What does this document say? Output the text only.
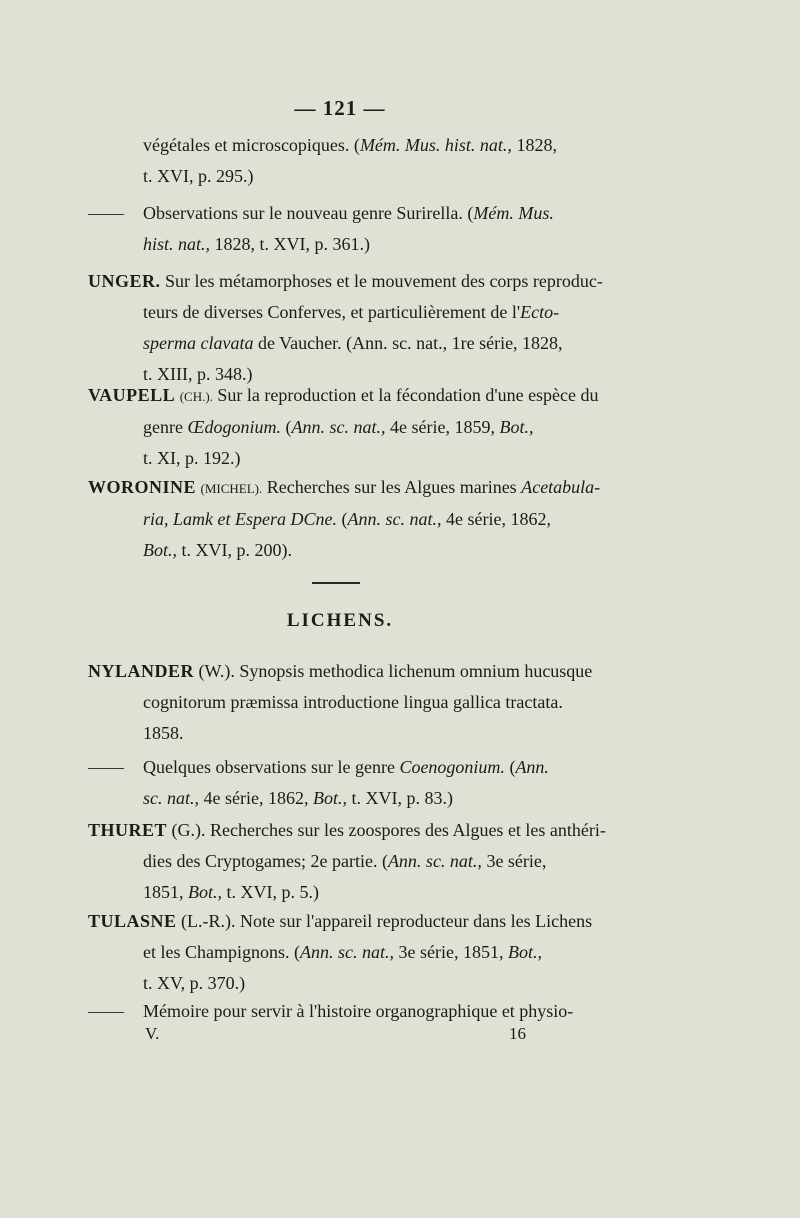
— 121 —
végétales et microscopiques. (Mém. Mus. hist. nat., 1828,
t. XVI, p. 295.)
—— Observations sur le nouveau genre Surirella. (Mém. Mus.
hist. nat., 1828, t. XVI, p. 361.)
UNGER. Sur les métamorphoses et le mouvement des corps reproduc-
teurs de diverses Conferves, et particulièrement de l'Ecto-
sperma clavata de Vaucher. (Ann. sc. nat., 1re série, 1828,
t. XIII, p. 348.)
VAUPELL (CH.). Sur la reproduction et la fécondation d'une espèce du
genre Œdogonium. (Ann. sc. nat., 4e série, 1859, Bot.,
t. XI, p. 192.)
WORONINE (MICHEL). Recherches sur les Algues marines Acetabula-
ria, Lamk et Espera DCne. (Ann. sc. nat., 4e série, 1862,
Bot., t. XVI, p. 200).
LICHENS.
NYLANDER (W.). Synopsis methodica lichenum omnium hucusque
cognitorum præmissa introductione lingua gallica tractata.
1858.
—— Quelques observations sur le genre Coenogonium. (Ann.
sc. nat., 4e série, 1862, Bot., t. XVI, p. 83.)
THURET (G.). Recherches sur les zoospores des Algues et les anthéri-
dies des Cryptogames; 2e partie. (Ann. sc. nat., 3e série,
1851, Bot., t. XVI, p. 5.)
TULASNE (L.-R.). Note sur l'appareil reproducteur dans les Lichens
et les Champignons. (Ann. sc. nat., 3e série, 1851, Bot.,
t. XV, p. 370.)
—— Mémoire pour servir à l'histoire organographique et physio-
V.	16
